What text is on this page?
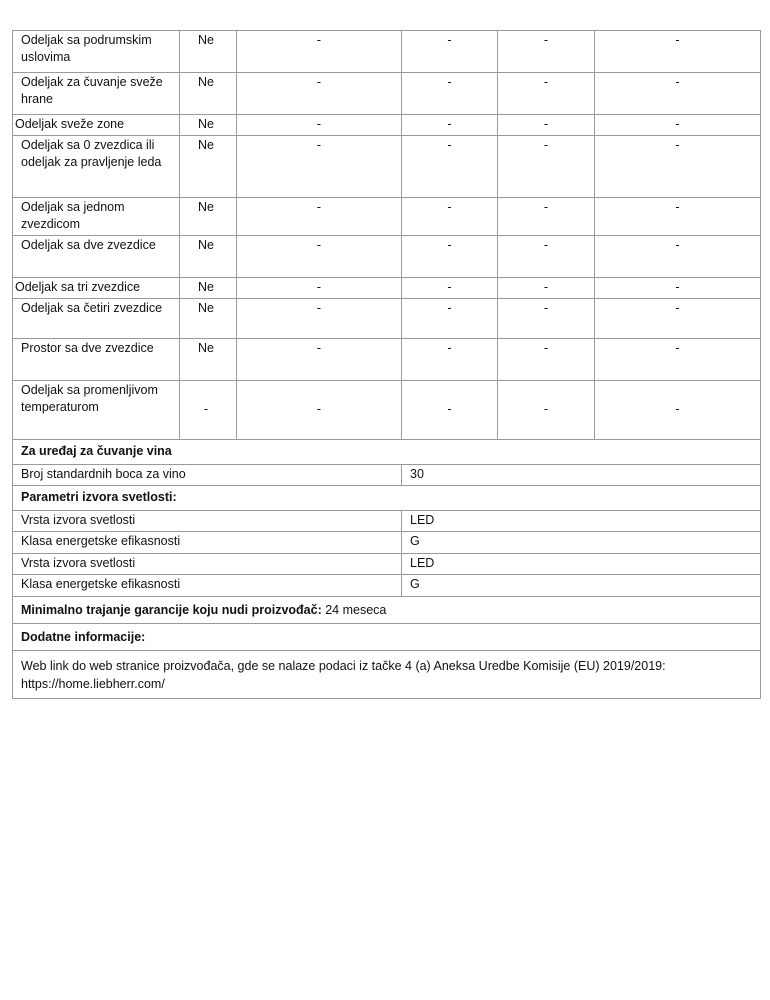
Odeljak sa podrumskim uslovima	Ne	-	-	-	-
Odeljak za čuvanje sveže hrane	Ne	-	-	-	-
Odeljak sveže zone	Ne	-	-	-	-
Odeljak sa 0 zvezdica ili odeljak za pravljenje leda	Ne	-	-	-	-
Odeljak sa jednom zvezdicom	Ne	-	-	-	-
Odeljak sa dve zvezdice	Ne	-	-	-	-
Odeljak sa tri zvezdice	Ne	-	-	-	-
Odeljak sa četiri zvezdice	Ne	-	-	-	-
Prostor sa dve zvezdice	Ne	-	-	-	-
Odeljak sa promenljivom temperaturom	-	-	-	-	-
Za uređaj za čuvanje vina					
Broj standardnih boca za vino			30		
Parametri izvora svetlosti:					
Vrsta izvora svetlosti			LED		
Klasa energetske efikasnosti			G		
Vrsta izvora svetlosti			LED		
Klasa energetske efikasnosti			G		
Minimalno trajanje garancije koju nudi proizvođač: 24 meseca					
Dodatne informacije:					
Web link do web stranice proizvođača, gde se nalaze podaci iz tačke 4 (a) Aneksa Uredbe Komisije (EU) 2019/2019: https://home.liebherr.com/					
